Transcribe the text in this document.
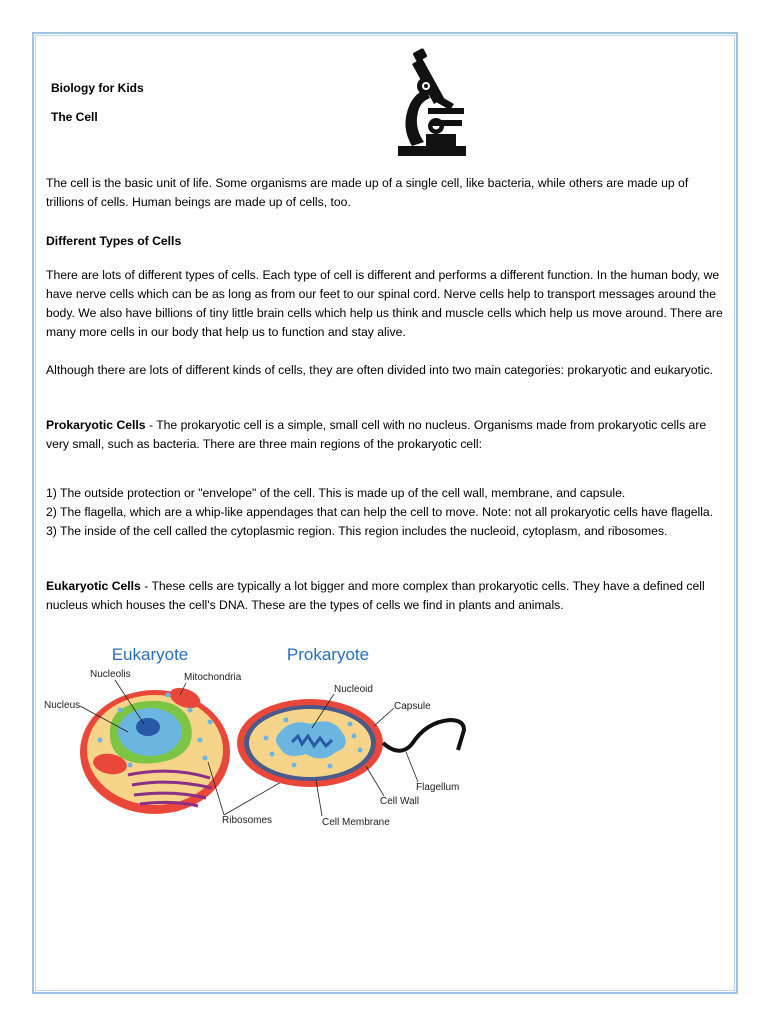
Biology for Kids
The Cell
The cell is the basic unit of life. Some organisms are made up of a single cell, like bacteria, while others are made up of trillions of cells. Human beings are made up of cells, too.
Different Types of Cells
There are lots of different types of cells. Each type of cell is different and performs a different function. In the human body, we have nerve cells which can be as long as from our feet to our spinal cord. Nerve cells help to transport messages around the body. We also have billions of tiny little brain cells which help us think and muscle cells which help us move around. There are many more cells in our body that help us to function and stay alive.
Although there are lots of different kinds of cells, they are often divided into two main categories: prokaryotic and eukaryotic.
Prokaryotic Cells - The prokaryotic cell is a simple, small cell with no nucleus. Organisms made from prokaryotic cells are very small, such as bacteria. There are three main regions of the prokaryotic cell:
1) The outside protection or "envelope" of the cell. This is made up of the cell wall, membrane, and capsule.
2) The flagella, which are a whip-like appendages that can help the cell to move. Note: not all prokaryotic cells have flagella.
3) The inside of the cell called the cytoplasmic region. This region includes the nucleoid, cytoplasm, and ribosomes.
Eukaryotic Cells - These cells are typically a lot bigger and more complex than prokaryotic cells. They have a defined cell nucleus which houses the cell's DNA. These are the types of cells we find in plants and animals.
Eukaryote	Prokaryote
Nucleolis	Mitochondria
Nucleus
Ribosomes
Nucleoid
Capsule
Flagellum
Cell Wall
Cell Membrane
